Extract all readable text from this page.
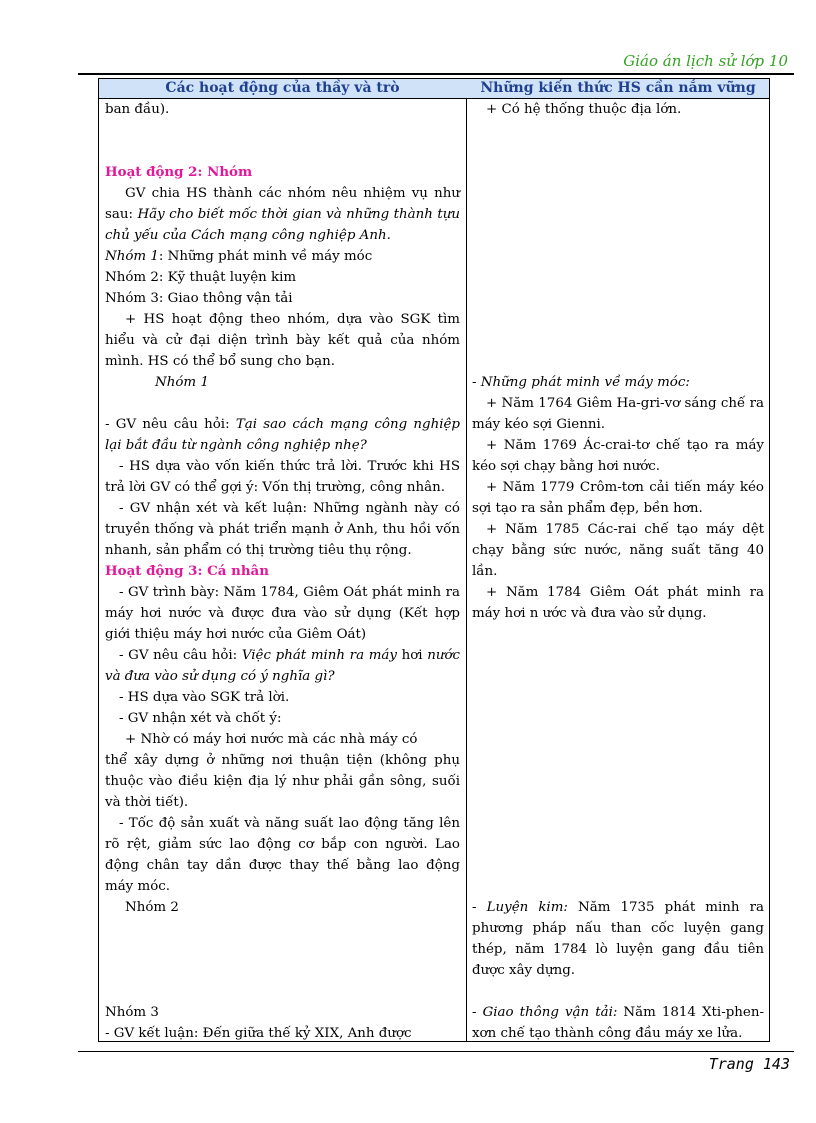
Giáo án lịch sử lớp 10
Các hoạt động của thầy và trò	Những kiến thức HS cần nắm vững

ban đầu).

Hoạt động 2: Nhóm

GV chia HS thành các nhóm nêu nhiệm vụ như sau: Hãy cho biết mốc thời gian và những thành tựu chủ yếu của Cách mạng công nghiệp Anh.

Nhóm 1: Những phát minh về máy móc

Nhóm 2: Kỹ thuật luyện kim

Nhóm 3: Giao thông vận tải

+ HS hoạt động theo nhóm, dựa vào SGK tìm hiểu và cử đại diện trình bày kết quả của nhóm mình. HS có thể bổ sung cho bạn.

Nhóm 1

- GV nêu câu hỏi: Tại sao cách mạng công nghiệp lại bắt đầu từ ngành công nghiệp nhẹ?

- HS dựa vào vốn kiến thức trả lời. Trước khi HS trả lời GV có thể gợi ý: Vốn thị trường, công nhân.

- GV nhận xét và kết luận: Những ngành này có truyền thống và phát triển mạnh ở Anh, thu hồi vốn nhanh, sản phẩm có thị trường tiêu thụ rộng.

Hoạt động 3: Cá nhân

- GV trình bày: Năm 1784, Giêm Oát phát minh ra máy hơi nước và được đưa vào sử dụng (Kết hợp giới thiệu máy hơi nước của Giêm Oát)

- GV nêu câu hỏi: Việc phát minh ra máy hơi nước và đưa vào sử dụng có ý nghĩa gì?

- HS dựa vào SGK trả lời.

- GV nhận xét và chốt ý:

+ Nhờ có máy hơi nước mà các nhà máy có

thể xây dựng ở những nơi thuận tiện (không phụ thuộc vào điều kiện địa lý như phải gần sông, suối và thời tiết).

- Tốc độ sản xuất và năng suất lao động tăng lên rõ rệt, giảm sức lao động cơ bắp con người. Lao động chân tay dần được thay thế bằng lao động máy móc.

Nhóm 2

Nhóm 3

- GV kết luận: Đến giữa thế kỷ XIX, Anh được

+ Có hệ thống thuộc địa lớn.

- Những phát minh về máy móc:

+ Năm 1764 Giêm Ha-gri-vơ sáng chế ra máy kéo sợi Gienni.

+ Năm 1769 Ác-crai-tơ chế tạo ra máy kéo sợi chạy bằng hơi nước.

+ Năm 1779 Crôm-tơn cải tiến máy kéo sợi tạo ra sản phẩm đẹp, bền hơn.

+ Năm 1785 Các-rai chế tạo máy dệt chạy bằng sức nước, năng suất tăng 40 lần.

+ Năm 1784 Giêm Oát phát minh ra máy hơi n ước và đưa vào sử dụng.

- Luyện kim: Năm 1735 phát minh ra phương pháp nấu than cốc luyện gang thép, năm 1784 lò luyện gang đầu tiên được xây dựng.

- Giao thông vận tải: Năm 1814 Xti-phen-xơn chế tạo thành công đầu máy xe lửa.

Trang 143
